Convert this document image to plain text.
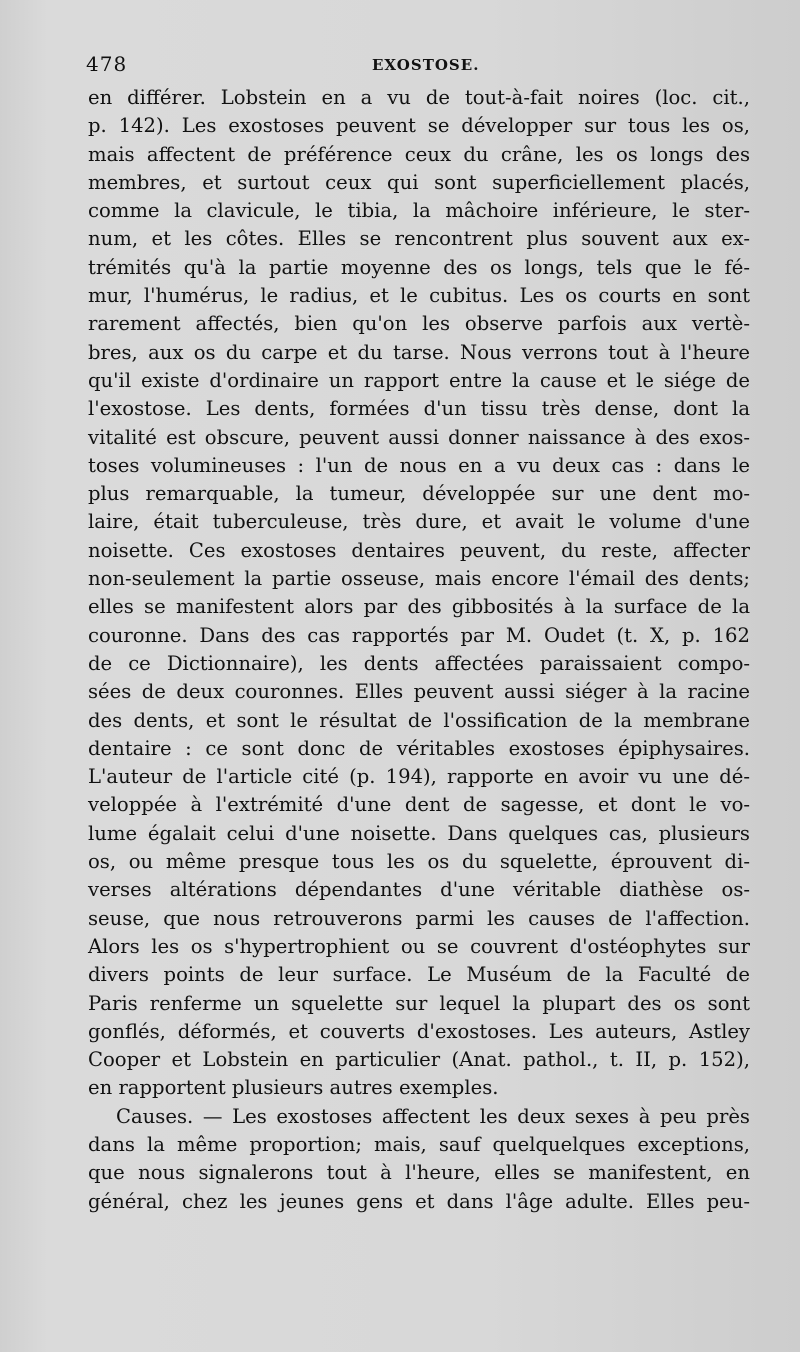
478	EXOSTOSE.
en différer. Lobstein en a vu de tout-à-fait noires (loc. cit.,
p. 142). Les exostoses peuvent se développer sur tous les os,
mais affectent de préférence ceux du crâne, les os longs des
membres, et surtout ceux qui sont superficiellement placés,
comme la clavicule, le tibia, la mâchoire inférieure, le ster-
num, et les côtes. Elles se rencontrent plus souvent aux ex-
trémités qu'à la partie moyenne des os longs, tels que le fé-
mur, l'humérus, le radius, et le cubitus. Les os courts en sont
rarement affectés, bien qu'on les observe parfois aux vertè-
bres, aux os du carpe et du tarse. Nous verrons tout à l'heure
qu'il existe d'ordinaire un rapport entre la cause et le siége de
l'exostose. Les dents, formées d'un tissu très dense, dont la
vitalité est obscure, peuvent aussi donner naissance à des exos-
toses volumineuses : l'un de nous en a vu deux cas : dans le
plus remarquable, la tumeur, développée sur une dent mo-
laire, était tuberculeuse, très dure, et avait le volume d'une
noisette. Ces exostoses dentaires peuvent, du reste, affecter
non-seulement la partie osseuse, mais encore l'émail des dents;
elles se manifestent alors par des gibbosités à la surface de la
couronne. Dans des cas rapportés par M. Oudet (t. X, p. 162
de ce Dictionnaire), les dents affectées paraissaient compo-
sées de deux couronnes. Elles peuvent aussi siéger à la racine
des dents, et sont le résultat de l'ossification de la membrane
dentaire : ce sont donc de véritables exostoses épiphysaires.
L'auteur de l'article cité (p. 194), rapporte en avoir vu une dé-
veloppée à l'extrémité d'une dent de sagesse, et dont le vo-
lume égalait celui d'une noisette. Dans quelques cas, plusieurs
os, ou même presque tous les os du squelette, éprouvent di-
verses altérations dépendantes d'une véritable diathèse os-
seuse, que nous retrouverons parmi les causes de l'affection.
Alors les os s'hypertrophient ou se couvrent d'ostéophytes sur
divers points de leur surface. Le Muséum de la Faculté de
Paris renferme un squelette sur lequel la plupart des os sont
gonflés, déformés, et couverts d'exostoses. Les auteurs, Astley
Cooper et Lobstein en particulier (Anat. pathol., t. II, p. 152),
en rapportent plusieurs autres exemples.
Causes. — Les exostoses affectent les deux sexes à peu près
dans la même proportion; mais, sauf quelquelques exceptions,
que nous signalerons tout à l'heure, elles se manifestent, en
général, chez les jeunes gens et dans l'âge adulte. Elles peu-
